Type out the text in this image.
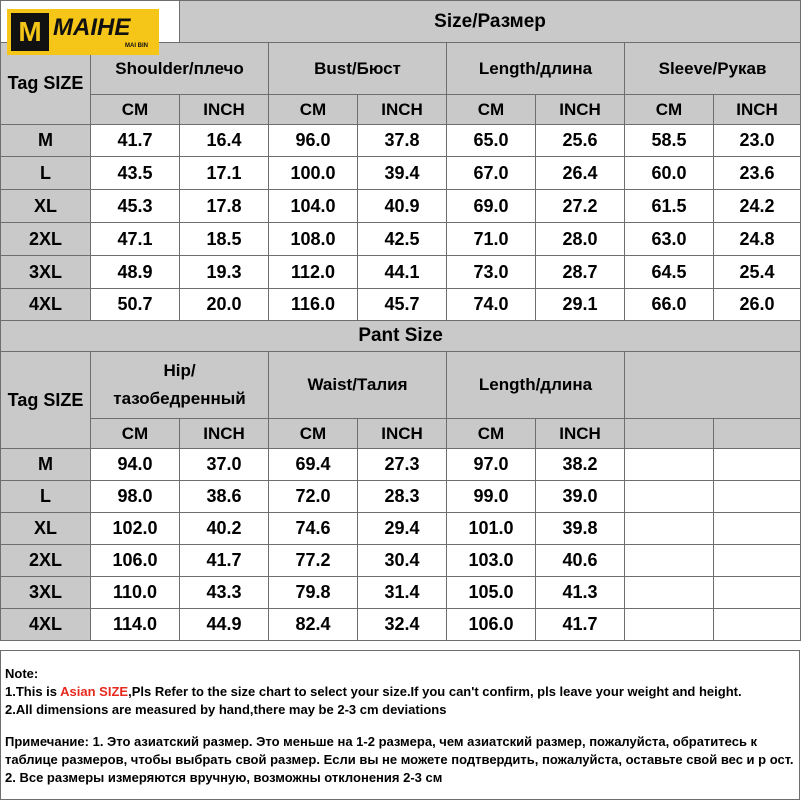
M MAIHE
MAI BIN		Size/Размер						
Tag SIZE	Shoulder/плечо		Bust/Бюст		Length/длина		Sleeve/Рукав	
	CM	INCH	CM	INCH	CM	INCH	CM	INCH
M	41.7	16.4	96.0	37.8	65.0	25.6	58.5	23.0
L	43.5	17.1	100.0	39.4	67.0	26.4	60.0	23.6
XL	45.3	17.8	104.0	40.9	69.0	27.2	61.5	24.2
2XL	47.1	18.5	108.0	42.5	71.0	28.0	63.0	24.8
3XL	48.9	19.3	112.0	44.1	73.0	28.7	64.5	25.4
4XL	50.7	20.0	116.0	45.7	74.0	29.1	66.0	26.0
Pant Size								
Tag SIZE	Hip/
тазобедренный		Waist/Талия		Length/длина			
	CM	INCH	CM	INCH	CM	INCH		
M	94.0	37.0	69.4	27.3	97.0	38.2		
L	98.0	38.6	72.0	28.3	99.0	39.0		
XL	102.0	40.2	74.6	29.4	101.0	39.8		
2XL	106.0	41.7	77.2	30.4	103.0	40.6		
3XL	110.0	43.3	79.8	31.4	105.0	41.3		
4XL	114.0	44.9	82.4	32.4	106.0	41.7		

Note:

1.This is Asian SIZE,Pls Refer to the size chart to select your size.If you can't confirm, pls leave your weight and height.

2.All dimensions are measured by hand,there may be 2-3 cm deviations

Примечание: 1. Это азиатский размер. Это меньше на 1-2 размера, чем азиатский размер, пожалуйста, обратитесь к таблице размеров, чтобы выбрать свой размер. Если вы не можете подтвердить, пожалуйста, оставьте свой вес и р ост. 2. Все размеры измеряются вручную, возможны отклонения 2-3 см
